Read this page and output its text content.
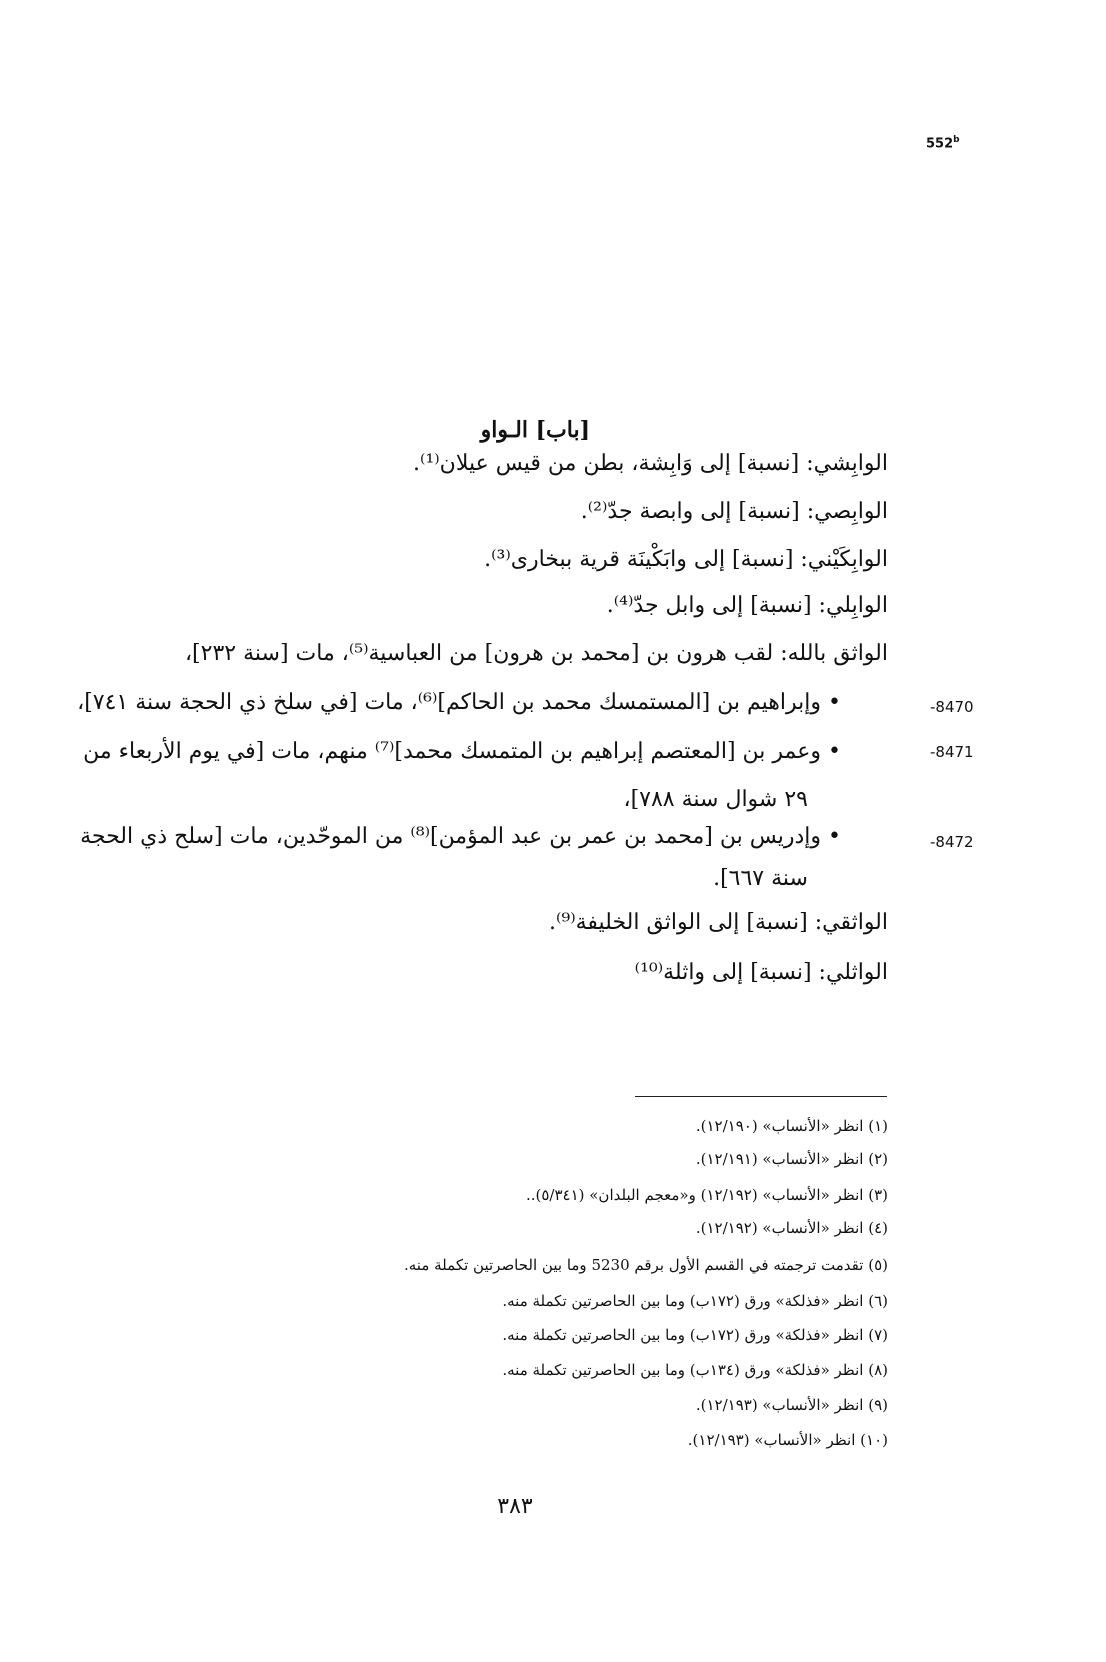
552$^b$
[باب] الـواو
الوابِشي: [نسبة] إلى وَابِشة، بطن من قيس عيلان⁽¹⁾.
الوابِصي: [نسبة] إلى وابصة جدّ⁽²⁾.
الوابِكَيْني: [نسبة] إلى وابَكْينَة قرية ببخارى⁽³⁾.
الوابِلي: [نسبة] إلى وابل جدّ⁽⁴⁾.
الواثق بالله: لقب هرون بن [محمد بن هرون] من العباسية⁽⁵⁾، مات [سنة ٢٣٢]،
• وإبراهيم بن [المستمسك محمد بن الحاكم]⁽⁶⁾، مات [في سلخ ذي الحجة سنة ٧٤١]،
• وعمر بن [المعتصم إبراهيم بن المتمسك محمد]⁽⁷⁾ منهم، مات [في يوم الأربعاء من
٢٩ شوال سنة ٧٨٨]،
• وإدريس بن [محمد بن عمر بن عبد المؤمن]⁽⁸⁾ من الموحّدين، مات [سلح ذي الحجة
سنة ٦٦٧].
الواثقي: [نسبة] إلى الواثق الخليفة⁽⁹⁾.
الواثلي: [نسبة] إلى واثلة⁽¹⁰⁾
-8470
-8471
-8472
(١) انظر «الأنساب» (١٢/١٩٠).
(٢) انظر «الأنساب» (١٢/١٩١).
(٣) انظر «الأنساب» (١٢/١٩٢) و«معجم البلدان» (٥/٣٤١)..
(٤) انظر «الأنساب» (١٢/١٩٢).
(٥) تقدمت ترجمته في القسم الأول برقم 5230 وما بين الحاصرتين تكملة منه.
(٦) انظر «فذلكة» ورق (١٧٢ب) وما بين الحاصرتين تكملة منه.
(٧) انظر «فذلكة» ورق (١٧٢ب) وما بين الحاصرتين تكملة منه.
(٨) انظر «فذلكة» ورق (١٣٤ب) وما بين الحاصرتين تكملة منه.
(٩) انظر «الأنساب» (١٢/١٩٣).
(١٠) انظر «الأنساب» (١٢/١٩٣).
٣٨٣
